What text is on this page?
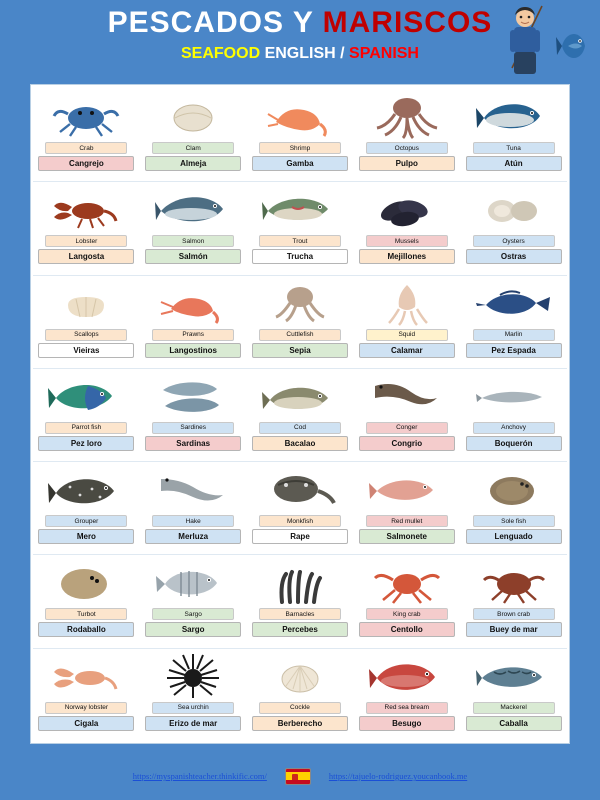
PESCADOS Y MARISCOS
SEAFOOD ENGLISH / SPANISH
Crab
Cangrejo
Clam
Almeja
Shrimp
Gamba
Octopus
Pulpo
Tuna
Atún
Lobster
Langosta
Salmon
Salmón
Trout
Trucha
Mussels
Mejillones
Oysters
Ostras
Scallops
Vieiras
Prawns
Langostinos
Cuttlefish
Sepia
Squid
Calamar
Marlin
Pez Espada
Parrot fish
Pez loro
Sardines
Sardinas
Cod
Bacalao
Conger
Congrio
Anchovy
Boquerón
Grouper
Mero
Hake
Merluza
Monkfish
Rape
Red mullet
Salmonete
Sole fish
Lenguado
Turbot
Rodaballo
Sargo
Sargo
Barnacles
Percebes
King crab
Centollo
Brown crab
Buey de mar
Norway lobster
Cigala
Sea urchin
Erizo de mar
Cockle
Berberecho
Red sea bream
Besugo
Mackerel
Caballa
https://myspanishteacher.thinkific.com/	https://tajuelo-rodriguez.youcanbook.me
